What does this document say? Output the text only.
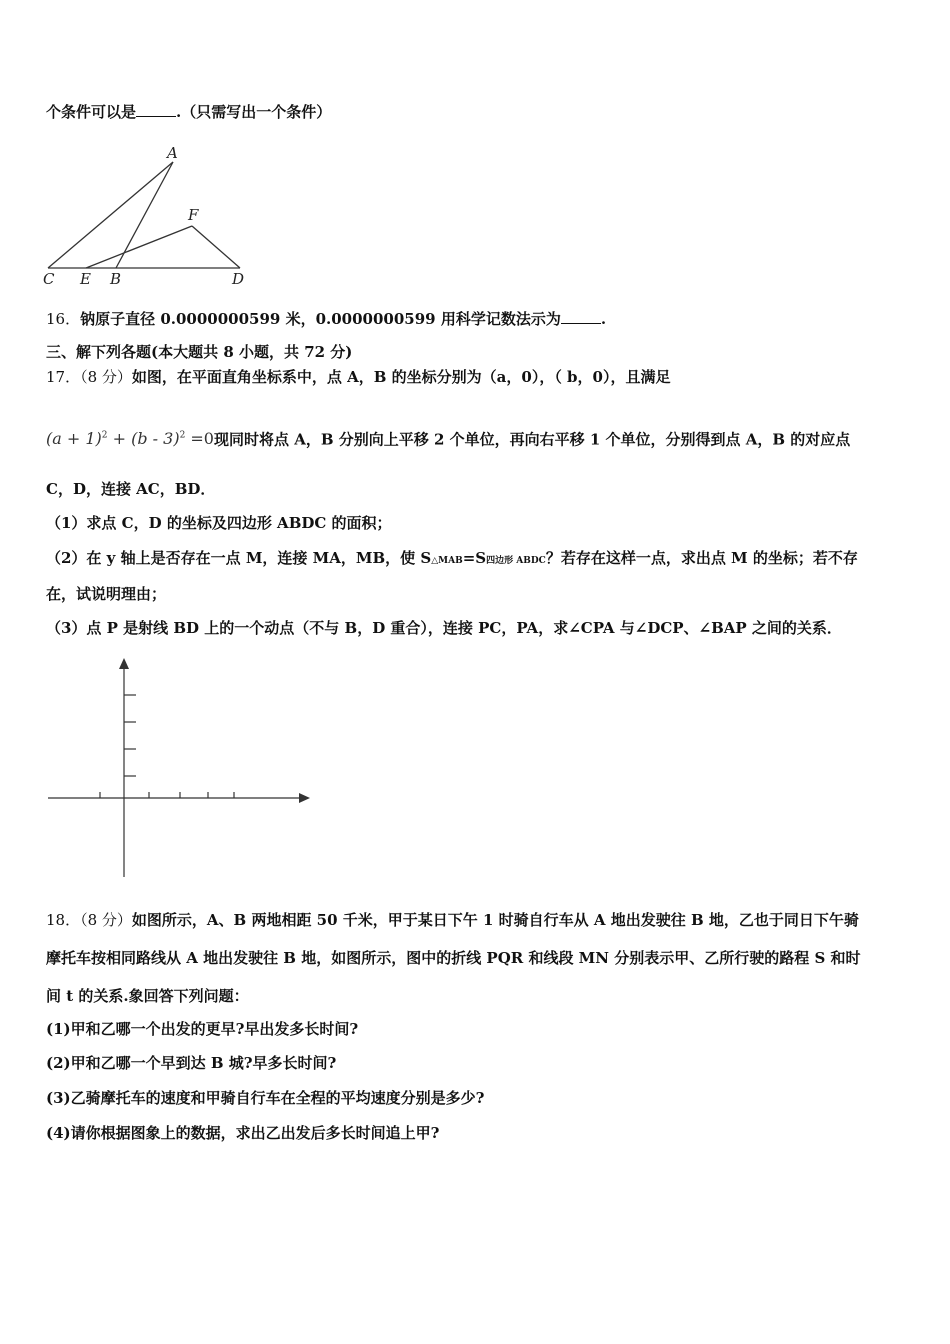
个条件可以是	.（只需写出一个条件）
A
F
C E B	D
16．钠原子直径 0.0000000599 米，0.0000000599 用科学记数法示为	.
三、解下列各题(本大题共 8 小题，共 72 分)
17．（8 分）如图，在平面直角坐标系中，点 A，B 的坐标分别为（a，0），（ b，0），且满足
$(a + 1)^2 + (b - 3)^2 =0$现同时将点 A，B 分别向上平移 2 个单位，再向右平移 1 个单位，分别得到点 A，B 的对应点
C，D，连接 AC，BD．
（1）求点 C，D 的坐标及四边形 ABDC 的面积；
（2）在 y 轴上是否存在一点 M，连接 MA，MB，使 S△MAB=S四边形 ABDC？若存在这样一点，求出点 M 的坐标；若不存
在，试说明理由；
（3）点 P 是射线 BD 上的一个动点（不与 B，D 重合），连接 PC，PA，求∠CPA 与∠DCP、∠BAP 之间的关系．
18．（8 分）如图所示，A、B 两地相距 50 千米，甲于某日下午 1 时骑自行车从 A 地出发驶往 B 地，乙也于同日下午骑
摩托车按相同路线从 A 地出发驶往 B 地，如图所示，图中的折线 PQR 和线段 MN 分别表示甲、乙所行驶的路程 S 和时
间 t 的关系.象回答下列问题：
(1)甲和乙哪一个出发的更早?早出发多长时间?
(2)甲和乙哪一个早到达 B 城?早多长时间?
(3)乙骑摩托车的速度和甲骑自行车在全程的平均速度分别是多少?
(4)请你根据图象上的数据，求出乙出发后多长时间追上甲?
